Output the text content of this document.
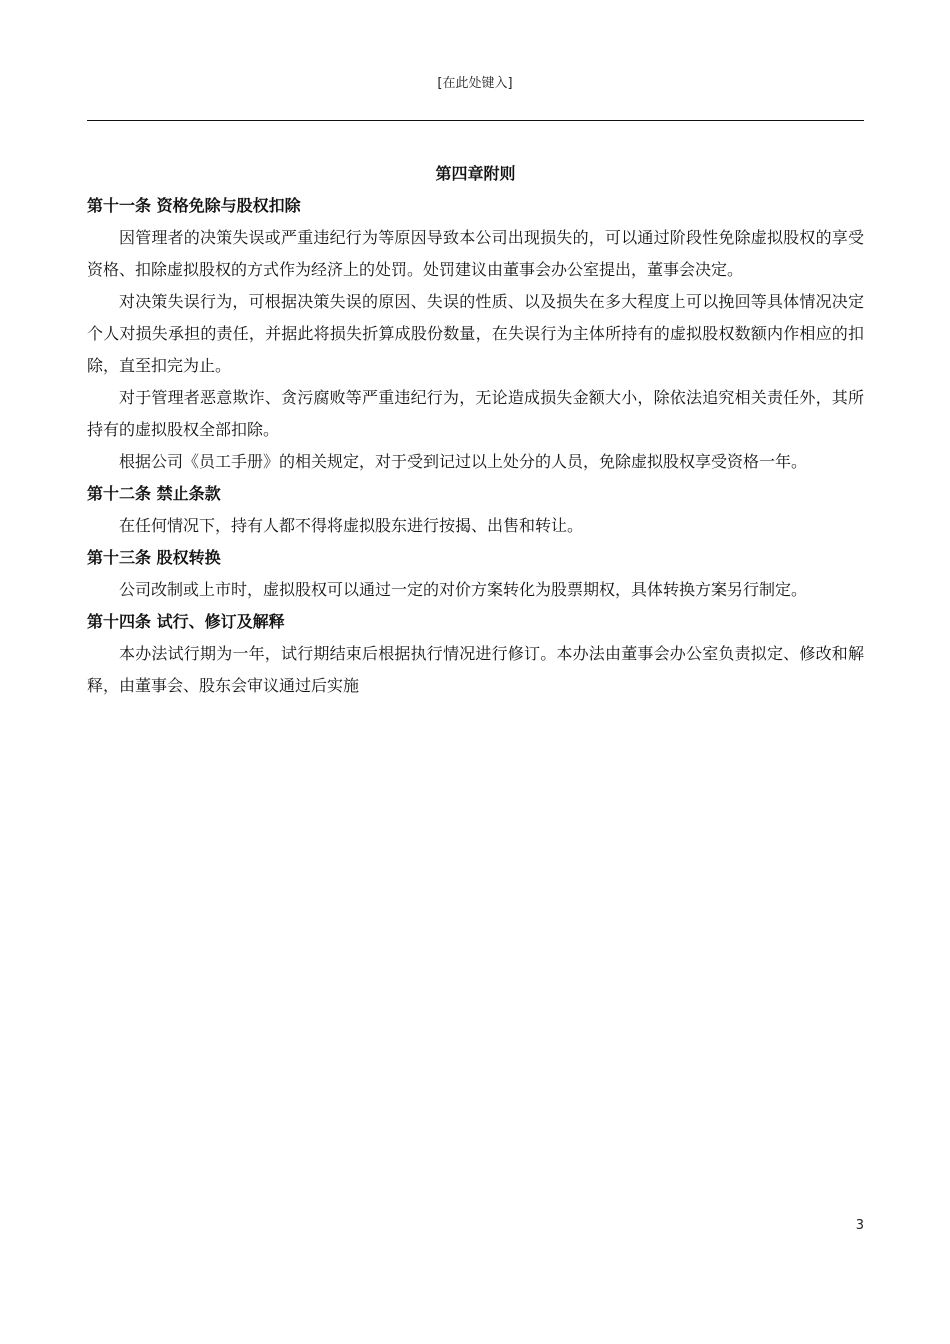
[在此处键入]

第四章附则

第十一条 资格免除与股权扣除

因管理者的决策失误或严重违纪行为等原因导致本公司出现损失的，可以通过阶段性免除虚拟股权的享受资格、扣除虚拟股权的方式作为经济上的处罚。处罚建议由董事会办公室提出，董事会决定。

对决策失误行为，可根据决策失误的原因、失误的性质、以及损失在多大程度上可以挽回等具体情况决定个人对损失承担的责任，并据此将损失折算成股份数量，在失误行为主体所持有的虚拟股权数额内作相应的扣除，直至扣完为止。

对于管理者恶意欺诈、贪污腐败等严重违纪行为，无论造成损失金额大小，除依法追究相关责任外，其所持有的虚拟股权全部扣除。

根据公司《员工手册》的相关规定，对于受到记过以上处分的人员，免除虚拟股权享受资格一年。

第十二条 禁止条款

在任何情况下，持有人都不得将虚拟股东进行按揭、出售和转让。

第十三条 股权转换

公司改制或上市时，虚拟股权可以通过一定的对价方案转化为股票期权，具体转换方案另行制定。

第十四条 试行、修订及解释

本办法试行期为一年，试行期结束后根据执行情况进行修订。本办法由董事会办公室负责拟定、修改和解释，由董事会、股东会审议通过后实施

3
